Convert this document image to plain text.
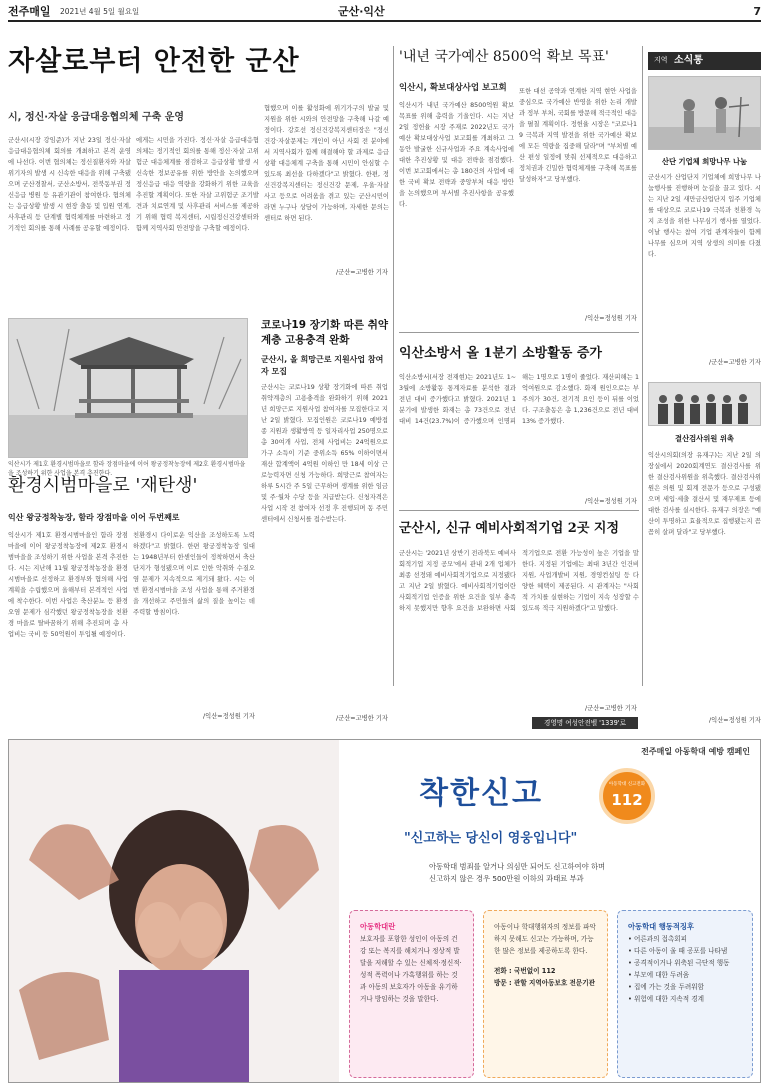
전주매일 2021년 4월 5일 월요일	군산·익산	7
자살로부터 안전한 군산
시, 정신·자살 응급대응협의체 구축 운영
군산시(시장 강임준)가 지난 23일 정신·자살 응급대응협의체 회의를 개최하고 본격 운영에 나선다. 이번 협의체는 정신질환자와 자살위기자의 발생 시 신속한 대응을 위해 구축됐으며 군산경찰서, 군산소방서, 전북동부권 정신응급 병원 등 유관기관이 참여한다. 협의체는 응급상황 발생 시 현장 출동 및 입원 연계, 사후관리 등 단계별 협력체계를 마련하고 정기적인 회의를 통해 사례를 공유할 예정이다.
에게는 시민을 가진다. 정신·자살 응급대응협의체는 정기적인 회의를 통해 정신·자살 고위험군 대응체계를 점검하고 응급상황 발생 시 신속한 정보공유를 위한 방안을 논의했으며 정신응급 대응 역량을 강화하기 위한 교육을 추진할 계획이다. 또한 자살 고위험군 조기발견과 치료연계 및 사후관리 서비스를 제공하기 위해 협력 복지센터, 시립정신건강센터와 함께 지역사회 안전망을 구축할 예정이다.
협했으며 이를 활성화에 위기가구의 발굴 및 지원을 위한 시와의 안전망을 구축해 나갈 예정이다. 강호선 정신건강복지센터장은 "정신건강·자살문제는 개인이 아닌 사회 전 분야에서 지역사회가 함께 해결해야 할 과제로 응급상황 대응체계 구축을 통해 시민이 안심할 수 있도록 최선을 다하겠다"고 밝혔다. 한편, 정신건강복지센터는 정신건강 문제, 우울·자살사고 등으로 어려움을 겪고 있는 군산시민이라면 누구나 상담이 가능하며, 자세한 문의는 센터로 하면 된다.
/군산=고병한 기자
'내년 국가예산 8500억 확보 목표'
익산시, 확보대상사업 보고회
익산시가 내년 국가예산 8500억원 확보 목표를 위해 총력을 기울인다. 시는 지난 2일 정헌율 시장 주재로 2022년도 국가예산 확보대상사업 보고회를 개최하고 그동안 발굴한 신규사업과 주요 계속사업에 대한 추진상황 및 대응 전략을 점검했다. 이번 보고회에서는 총 180건의 사업에 대한 국비 확보 전략과 중앙부처 대응 방안을 논의했으며 부서별 추진사항을 공유했다.
또한 대선 공약과 연계한 지역 현안 사업을 중심으로 국가예산 반영을 위한 논리 개발과 정부 부처, 국회를 방문해 적극적인 대응을 펼칠 계획이다. 정헌율 시장은 "코로나19 극복과 지역 발전을 위한 국가예산 확보에 모든 역량을 집중해 달라"며 "부처별 예산 편성 일정에 맞춰 선제적으로 대응하고 정치권과 긴밀한 협력체계를 구축해 목표를 달성하자"고 당부했다.
/익산=정성원 기자
익산시가 제1호 환경시범마을로 함라 장점마을에 이어 왕궁정착농장에 제2호 환경시범마을을 조성하기 위한 사업을 본격 추진한다.
코로나19 장기화 따른 취약계층 고용충격 완화
군산시, 올 희망근로 지원사업 참여자 모집
군산시는 코로나19 상황 장기화에 따른 취업취약계층의 고용충격을 완화하기 위해 2021년 희망근로 지원사업 참여자를 모집한다고 지난 2일 밝혔다. 모집인원은 코로나19 예방접종 지원과 생활방역 등 일자리사업 250명으로 총 30여개 사업, 전체 사업비는 24억원으로 가구 소득이 기준 중위소득 65% 이하이면서 재산 합계액이 4억원 이하인 만 18세 이상 근로능력자면 신청 가능하다. 희망근로 참여자는 하루 5시간 주 5일 근무하며 생계를 위한 임금 및 주·월차 수당 등을 지급받는다. 신청자격은 사업 시작 전 참여자 선정 후 진행되며 동 주민센터에서 신청서를 접수받는다.
/군산=고병한 기자
익산소방서 올 1분기 소방활동 증가
익산소방서(서장 전재현)는 2021년도 1~3월에 소방활동 통계자료를 분석한 결과 전년 대비 증가했다고 밝혔다. 2021년 1분기에 발생한 화재는 총 73건으로 전년 대비 14건(23.7%)이 증가했으며 인명피해는 1명으로 1명이 줄었다. 재산피해는 1억여원으로 감소했다. 화재 원인으로는 부주의가 30건, 전기적 요인 등이 뒤를 이었다. 구조출동은 총 1,236건으로 전년 대비 13% 증가했다.
/익산=정성원 기자
군산시, 신규 예비사회적기업 2곳 지정
군산시는 '2021년 상반기 전라북도 예비사회적기업 지정 공모'에서 관내 2개 업체가 최종 선정돼 예비사회적기업으로 지정됐다고 지난 2일 밝혔다. 예비사회적기업이란 사회적기업 인증을 위한 요건을 일부 충족하지 못했지만 향후 요건을 보완하면 사회적기업으로 전환 가능성이 높은 기업을 말한다. 지정된 기업에는 최대 3년간 인건비 지원, 사업개발비 지원, 경영컨설팅 등 다양한 혜택이 제공된다. 시 관계자는 "사회적 가치를 실현하는 기업이 지속 성장할 수 있도록 적극 지원하겠다"고 말했다.
/군산=고병한 기자
경영명 여성안전벨 '1339'로
환경시범마을로 '재탄생'
익산 왕궁정착농장, 함라 장점마을 이어 두번째로
익산시가 제1호 환경시범마을인 함라 장점마을에 이어 왕궁정착농장에 제2호 환경시범마을을 조성하기 위한 사업을 본격 추진한다. 시는 지난해 11월 왕궁정착농장을 환경시범마을로 선정하고 환경부와 협의해 사업계획을 수립했으며 올해부터 본격적인 사업에 착수한다. 이번 사업은 축산분뇨 등 환경오염 문제가 심각했던 왕궁정착농장을 친환경 마을로 탈바꿈하기 위해 추진되며 총 사업비는 국비 등 50억원이 투입될 예정이다.
친환경시 다이로운 익산을 조성하도록 노력하겠다"고 밝혔다. 한편 왕궁정착농장 일대는 1948년부터 한센인들이 정착하면서 축산단지가 형성됐으며 이로 인한 악취와 수질오염 문제가 지속적으로 제기돼 왔다. 시는 이번 환경시범마을 조성 사업을 통해 주거환경을 개선하고 주민들의 삶의 질을 높이는 데 주력할 방침이다.
/익산=정성원 기자
지역 소식통
산단 기업체 희망나무 나눔
군산시가 산업단지 기업체에 희망나무 나눔행사를 진행하며 눈길을 끌고 있다. 시는 지난 2일 새만금산업단지 입주 기업체를 대상으로 코로나19 극복과 친환경 녹지 조성을 위한 나무심기 행사를 열었다. 이날 행사는 참여 기업 관계자들이 함께 나무를 심으며 지역 상생의 의미를 다졌다.
/군산=고병한 기자
결산검사위원 위촉
익산시의회(의장 유재구)는 지난 2일 의장실에서 2020회계연도 결산검사를 위한 결산검사위원을 위촉했다. 결산검사위원은 의원 및 회계 전문가 등으로 구성됐으며 세입·세출 결산서 및 재무제표 등에 대한 검사를 실시한다. 유재구 의장은 "예산이 투명하고 효율적으로 집행됐는지 꼼꼼히 살펴 달라"고 당부했다.
/익산=정성원 기자
전주매일 아동학대 예방 캠페인
착한신고	아동학대 신고전화
112
"신고하는 당신이 영웅입니다"
아동학대 범죄를 알거나 의심만 되어도 신고하여야 하며
신고하지 않은 경우 500만원 이하의 과태료 부과
아동학대란
보호자를 포함한 성인이 아동의 건강 또는 복지를 해치거나 정상적 발달을 저해할 수 있는 신체적·정신적·성적 폭력이나 가혹행위를 하는 것과 아동의 보호자가 아동을 유기하거나 방임하는 것을 말한다.
아동이나 학대행위자의 정보를 파악하지 못해도 신고는 가능하며, 가능한 많은 정보를 제공하도록 한다.
전화 : 국번없이 112
방문 : 관할 지역아동보호 전문기관
아동학대 행동적징후
• 어른과의 접촉회피
• 다른 아동이 울 때 공포를 나타냄
• 공격적이거나 위축된 극단적 행동
• 부모에 대한 두려움
• 집에 가는 것을 두려워함
• 위험에 대한 지속적 경계
